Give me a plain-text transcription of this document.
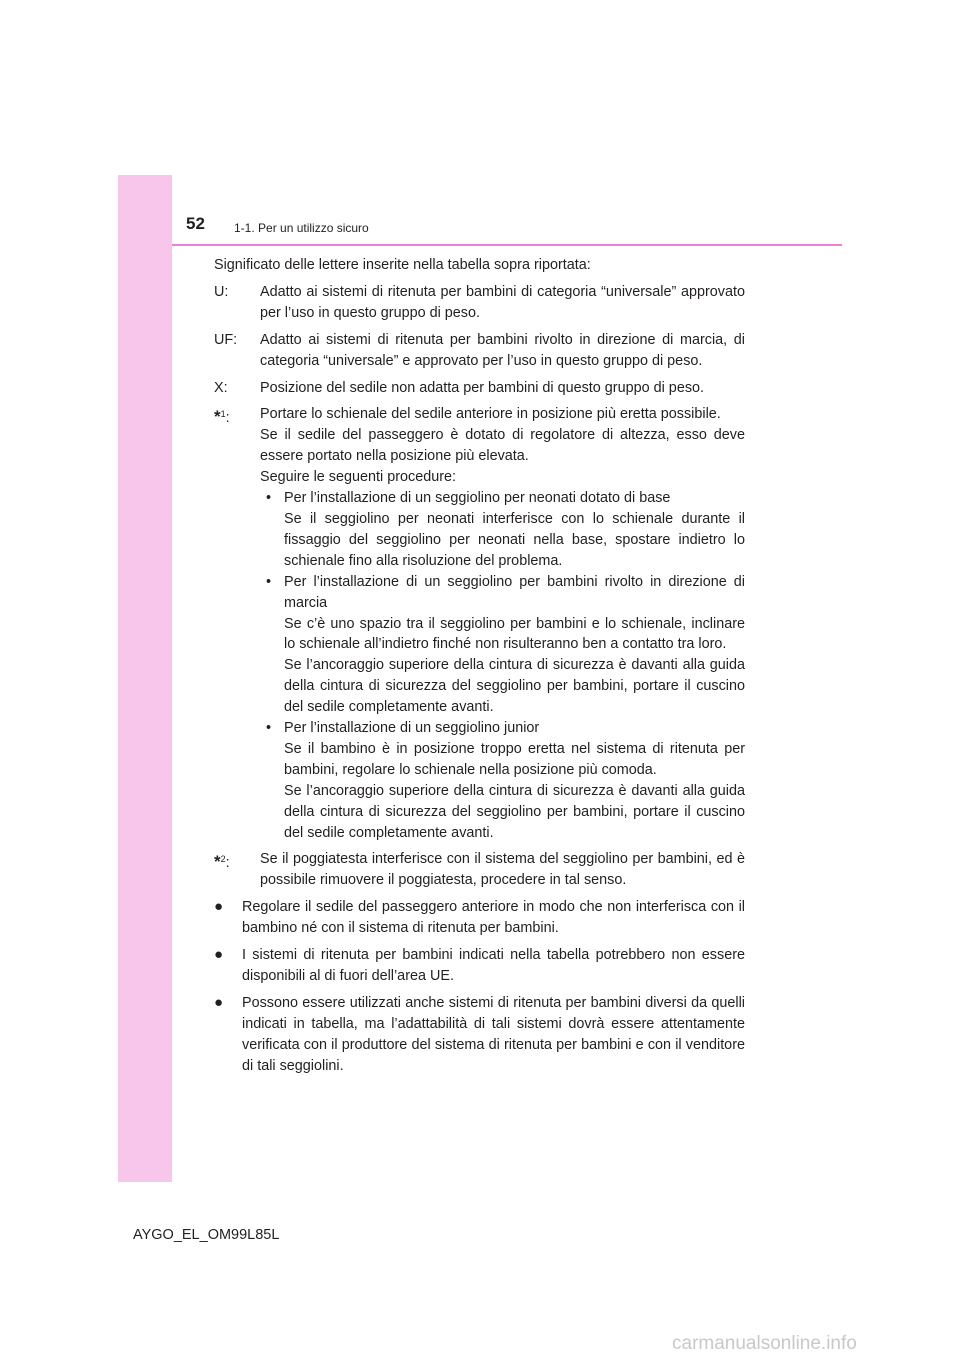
52 1-1. Per un utilizzo sicuro

Significato delle lettere inserite nella tabella sopra riportata:

U:	Adatto ai sistemi di ritenuta per bambini di categoria “universale” approvato per l’uso in questo gruppo di peso.
UF:	Adatto ai sistemi di ritenuta per bambini rivolto in direzione di marcia, di categoria “universale” e approvato per l’uso in questo gruppo di peso.
X:	Posizione del sedile non adatta per bambini di questo gruppo di peso.
*$^1$:	Portare lo schienale del sedile anteriore in posizione più eretta possibile.

Se il sedile del passeggero è dotato di regolatore di altezza, esso deve essere portato nella posizione più elevata.

Seguire le seguenti procedure:

• Per l’installazione di un seggiolino per neonati dotato di base

Se il seggiolino per neonati interferisce con lo schienale durante il fissaggio del seggiolino per neonati nella base, spostare indietro lo schienale fino alla risoluzione del problema.

• Per l’installazione di un seggiolino per bambini rivolto in direzione di marcia

Se c’è uno spazio tra il seggiolino per bambini e lo schienale, inclinare lo schienale all’indietro finché non risulteranno ben a contatto tra loro.

Se l’ancoraggio superiore della cintura di sicurezza è davanti alla guida della cintura di sicurezza del seggiolino per bambini, portare il cuscino del sedile completamente avanti.

• Per l’installazione di un seggiolino junior

Se il bambino è in posizione troppo eretta nel sistema di ritenuta per bambini, regolare lo schienale nella posizione più comoda.

Se l’ancoraggio superiore della cintura di sicurezza è davanti alla guida della cintura di sicurezza del seggiolino per bambini, portare il cuscino del sedile completamente avanti.

*$^2$:	Se il poggiatesta interferisce con il sistema del seggiolino per bambini, ed è possibile rimuovere il poggiatesta, procedere in tal senso.
●	Regolare il sedile del passeggero anteriore in modo che non interferisca con il bambino né con il sistema di ritenuta per bambini.
●	I sistemi di ritenuta per bambini indicati nella tabella potrebbero non essere disponibili al di fuori dell’area UE.
●	Possono essere utilizzati anche sistemi di ritenuta per bambini diversi da quelli indicati in tabella, ma l’adattabilità di tali sistemi dovrà essere attentamente verificata con il produttore del sistema di ritenuta per bambini e con il venditore di tali seggiolini.
AYGO_EL_OM99L85L
carmanualsonline.info
